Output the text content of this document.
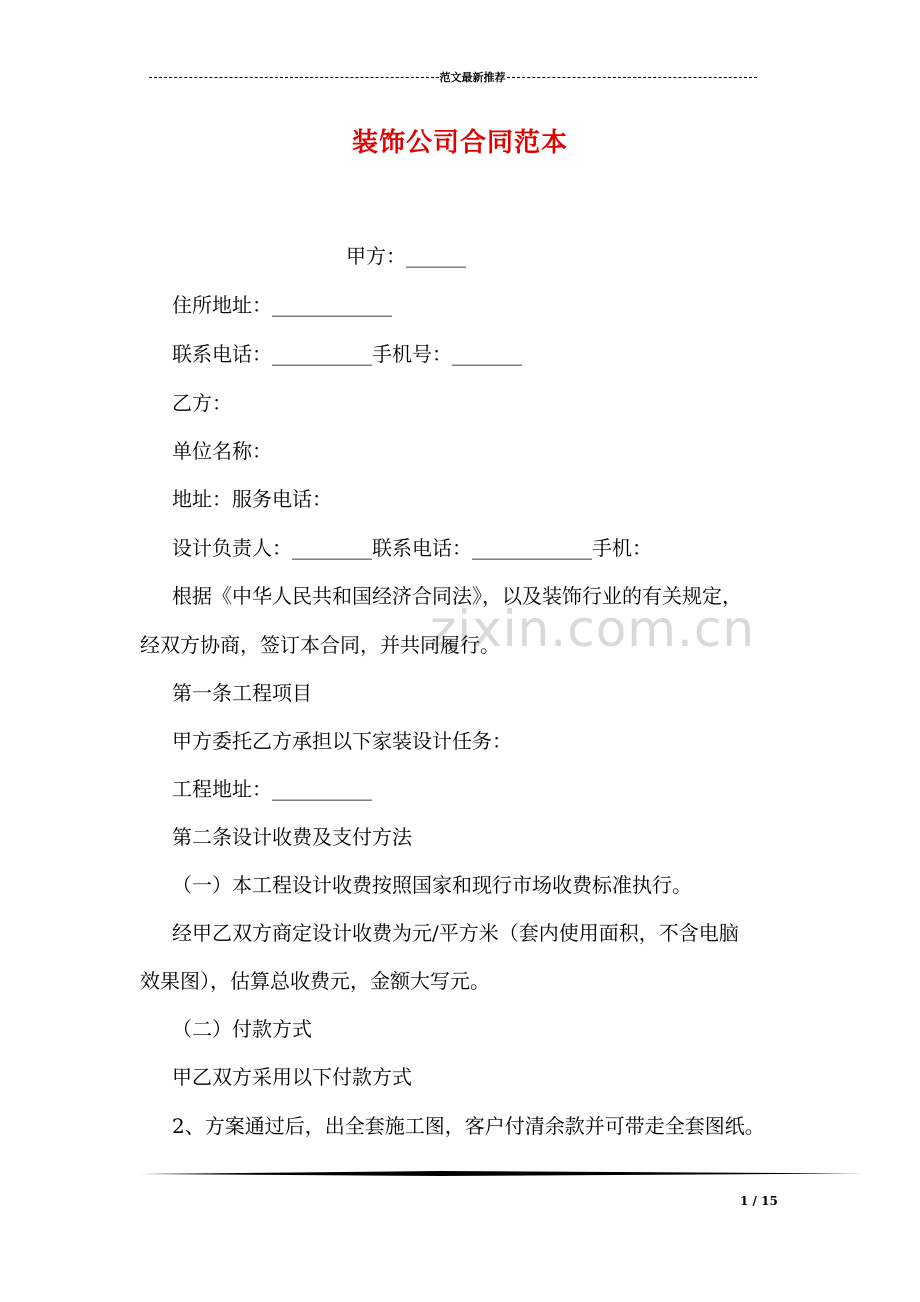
范文最新推荐
装饰公司合同范本
zixin.com.cn
甲方：______
住所地址：____________
联系电话：__________手机号：_______
乙方：
单位名称：
地址：服务电话：
设计负责人：________联系电话：____________手机：
根据《中华人民共和国经济合同法》，以及装饰行业的有关规定，
经双方协商，签订本合同，并共同履行。
第一条工程项目
甲方委托乙方承担以下家装设计任务：
工程地址：__________
第二条设计收费及支付方法
（一）本工程设计收费按照国家和现行市场收费标准执行。
经甲乙双方商定设计收费为元/平方米（套内使用面积，不含电脑
效果图），估算总收费元，金额大写元。
（二）付款方式
甲乙双方采用以下付款方式
2、方案通过后，出全套施工图，客户付清余款并可带走全套图纸。
1 / 15
